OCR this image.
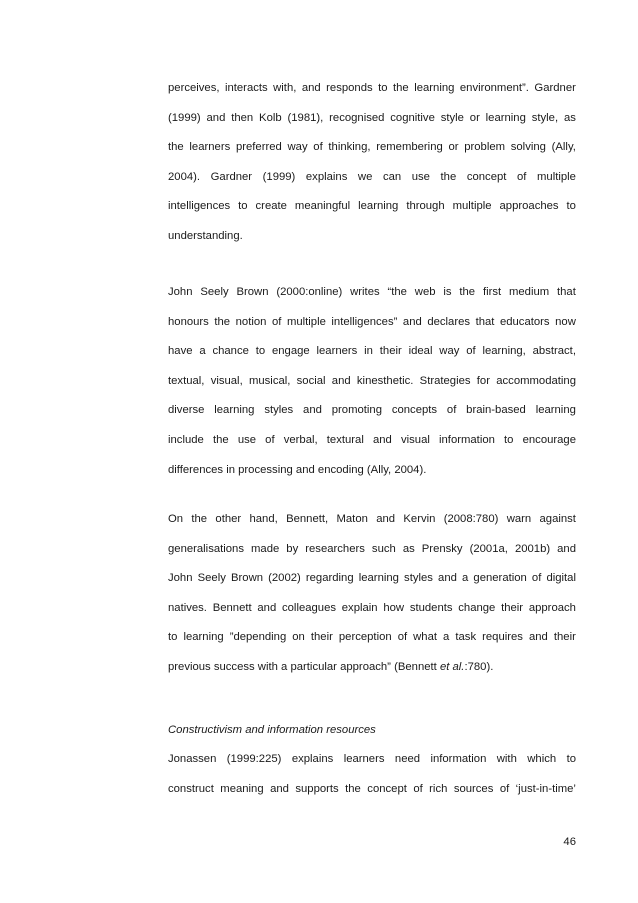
perceives, interacts with, and responds to the learning environment”. Gardner
(1999) and then Kolb (1981), recognised cognitive style or learning style, as
the learners preferred way of thinking, remembering or problem solving (Ally,
2004). Gardner (1999) explains we can use the concept of multiple
intelligences to create meaningful learning through multiple approaches to
understanding.
John Seely Brown (2000:online) writes “the web is the first medium that
honours the notion of multiple intelligences” and declares that educators now
have a chance to engage learners in their ideal way of learning, abstract,
textual, visual, musical, social and kinesthetic. Strategies for accommodating
diverse learning styles and promoting concepts of brain-based learning
include the use of verbal, textural and visual information to encourage
differences in processing and encoding (Ally, 2004).
On the other hand, Bennett, Maton and Kervin (2008:780) warn against
generalisations made by researchers such as Prensky (2001a, 2001b) and
John Seely Brown (2002) regarding learning styles and a generation of digital
natives. Bennett and colleagues explain how students change their approach
to learning ”depending on their perception of what a task requires and their
previous success with a particular approach” (Bennett et al.:780).
Constructivism and information resources
Jonassen (1999:225) explains learners need information with which to
construct meaning and supports the concept of rich sources of ‘just-in-time’
46
